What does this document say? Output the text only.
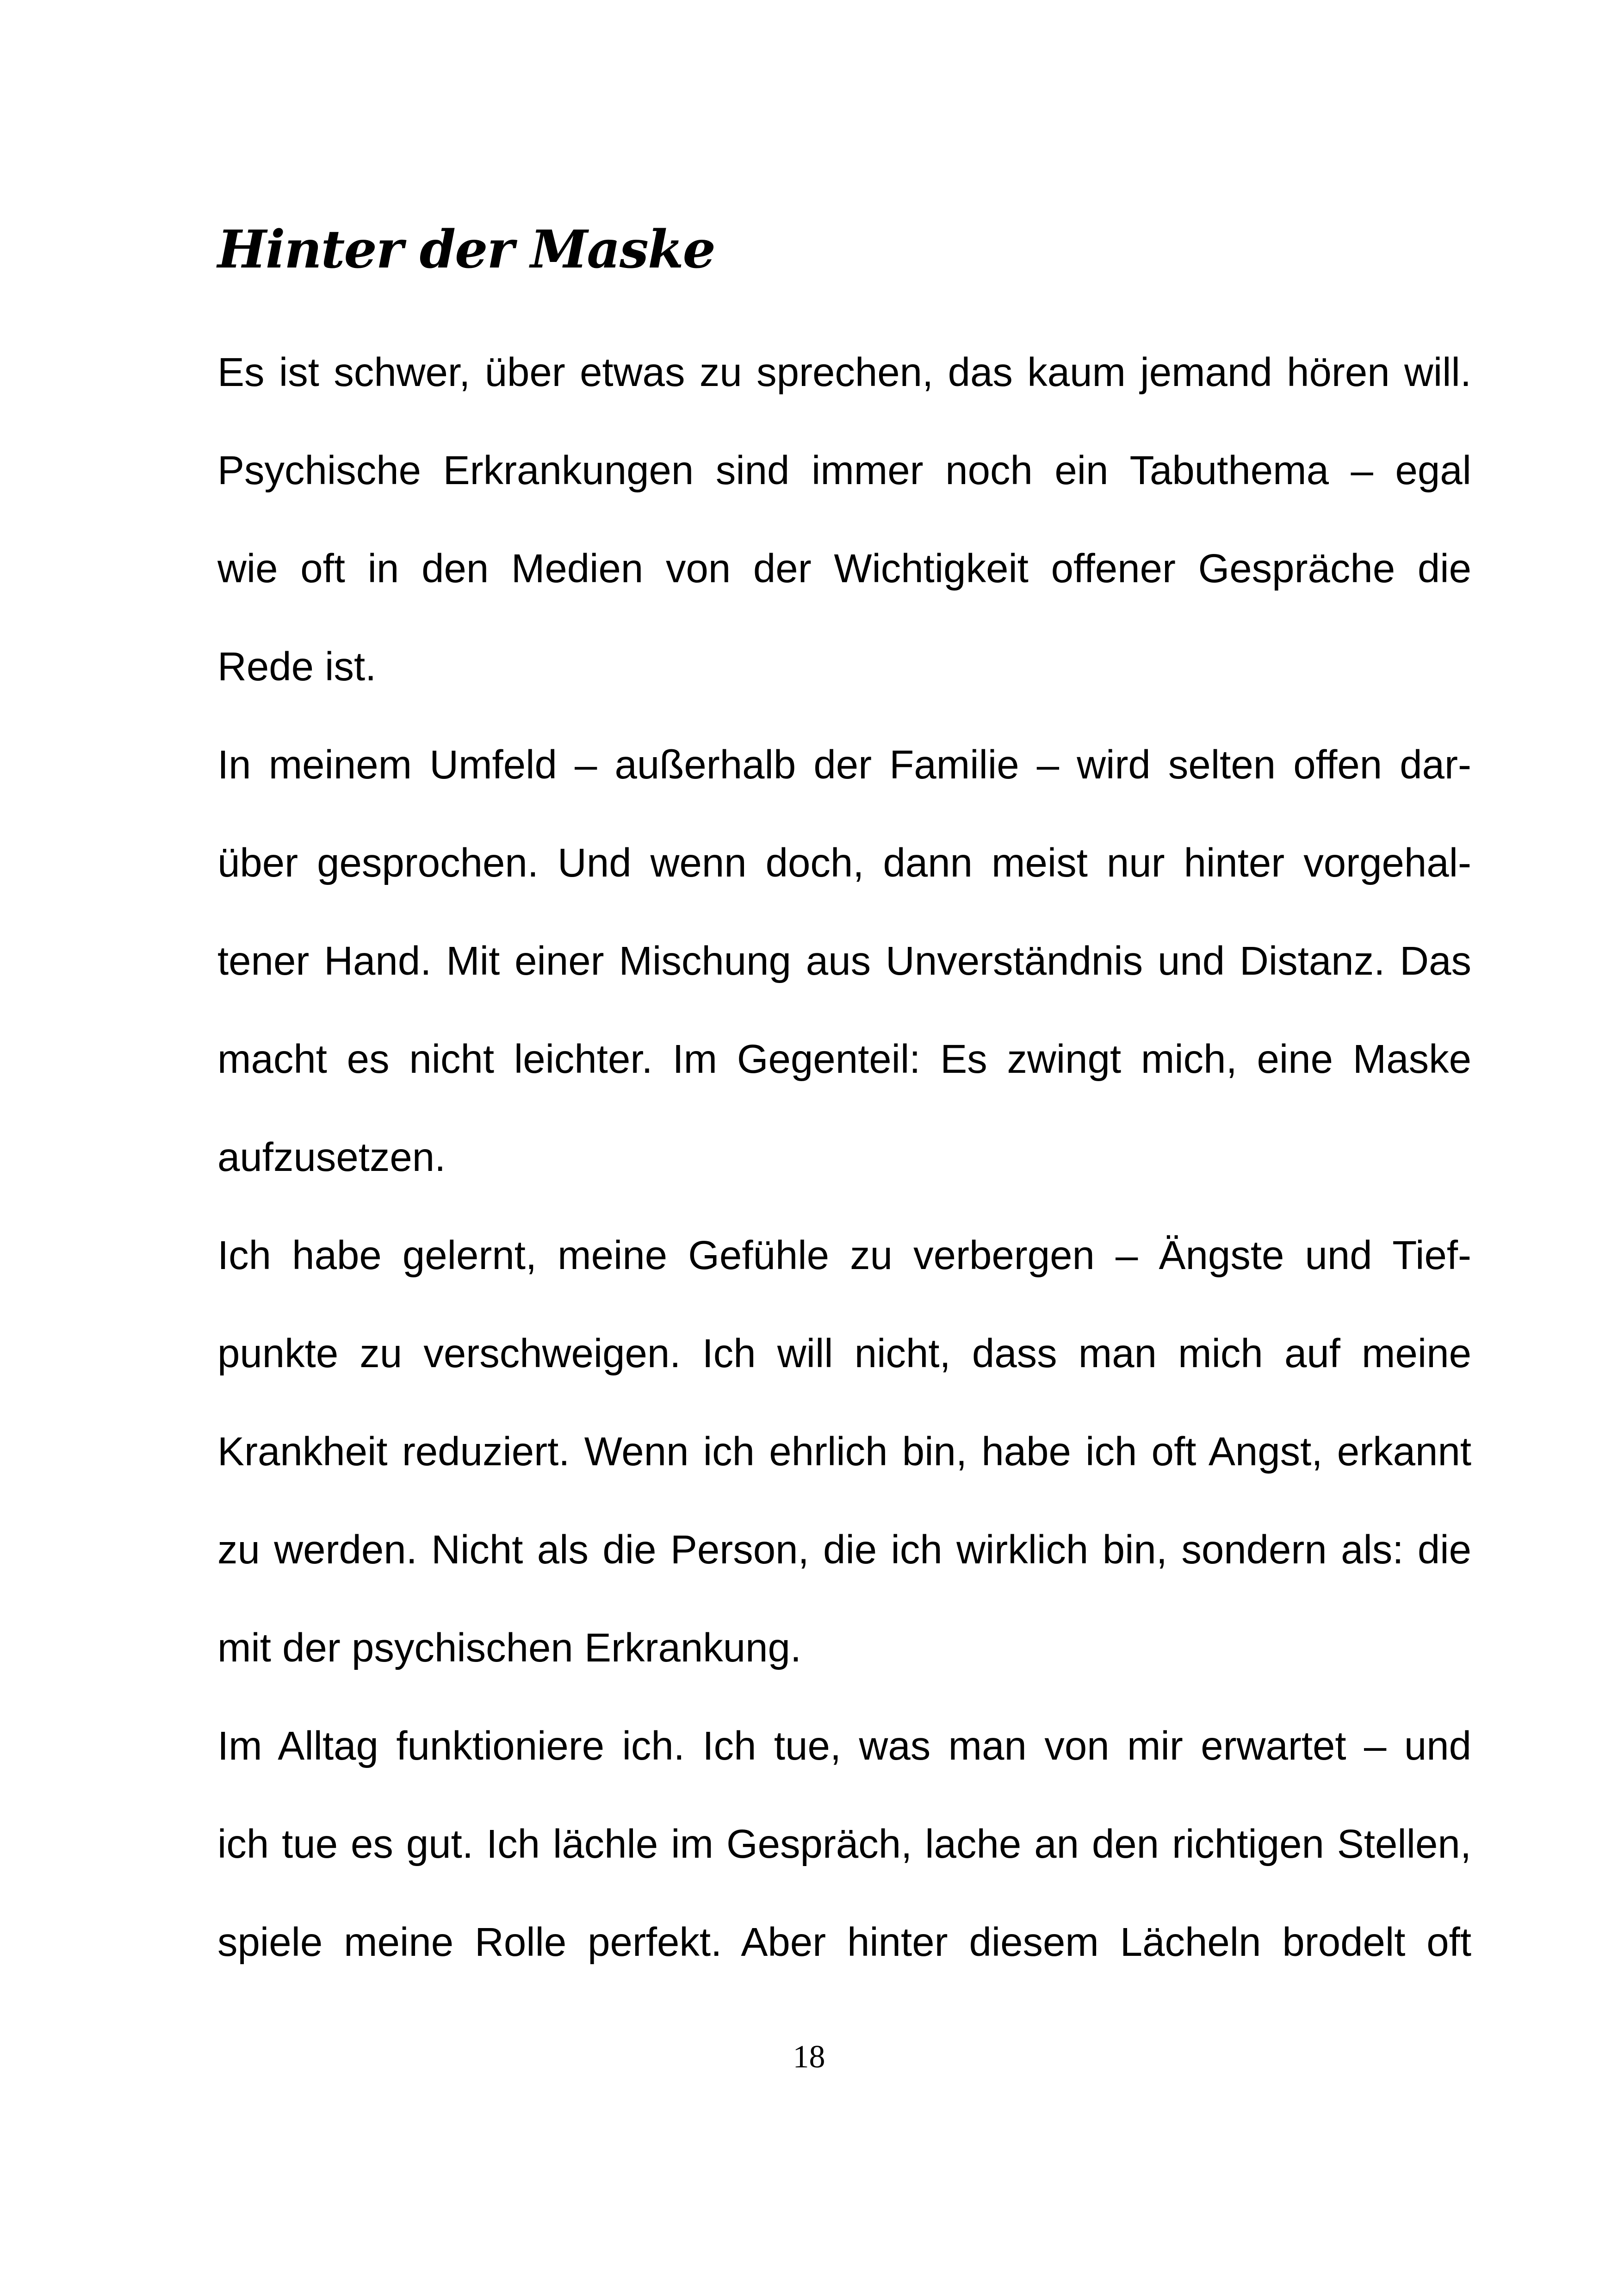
Hinter der Maske
Es ist schwer, über etwas zu sprechen, das kaum jemand hören will.
Psychische Erkrankungen sind immer noch ein Tabuthema – egal
wie oft in den Medien von der Wichtigkeit offener Gespräche die
Rede ist.
In meinem Umfeld – außerhalb der Familie – wird selten offen dar-
über gesprochen. Und wenn doch, dann meist nur hinter vorgehal-
tener Hand. Mit einer Mischung aus Unverständnis und Distanz. Das
macht es nicht leichter. Im Gegenteil: Es zwingt mich, eine Maske
aufzusetzen.
Ich habe gelernt, meine Gefühle zu verbergen – Ängste und Tief-
punkte zu verschweigen. Ich will nicht, dass man mich auf meine
Krankheit reduziert. Wenn ich ehrlich bin, habe ich oft Angst, erkannt
zu werden. Nicht als die Person, die ich wirklich bin, sondern als: die
mit der psychischen Erkrankung.
Im Alltag funktioniere ich. Ich tue, was man von mir erwartet – und
ich tue es gut. Ich lächle im Gespräch, lache an den richtigen Stellen,
spiele meine Rolle perfekt. Aber hinter diesem Lächeln brodelt oft
18
